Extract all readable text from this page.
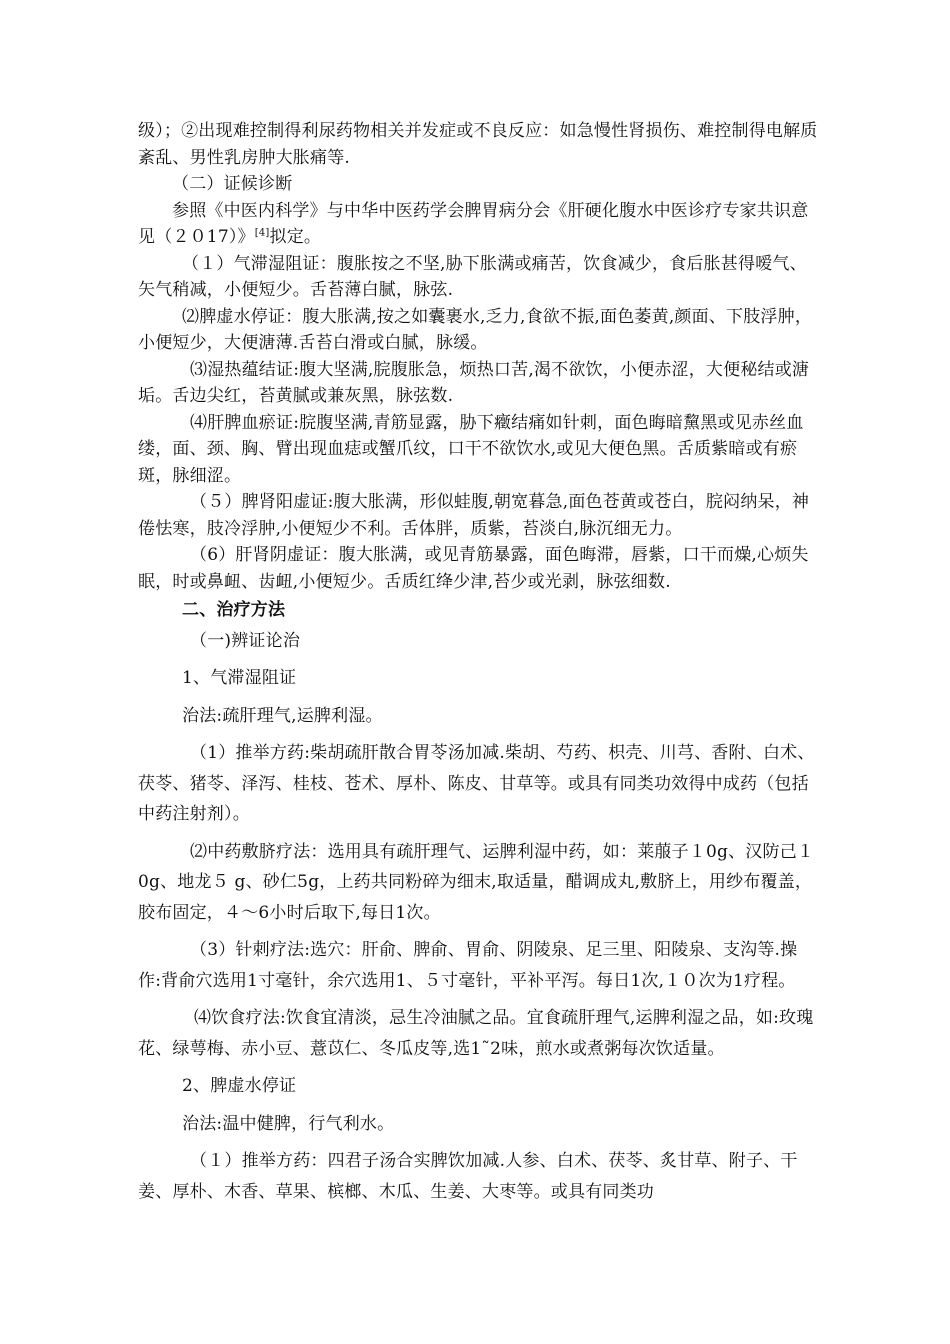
级）；②出现难控制得利尿药物相关并发症或不良反应：如急慢性肾损伤、难控制得电解质紊乱、男性乳房肿大胀痛等.

（二）证候诊断

参照《中医内科学》与中华中医药学会脾胃病分会《肝硬化腹水中医诊疗专家共识意见（２０17）》[4]拟定。

（１）气滞湿阻证：腹胀按之不坚,胁下胀满或痛苦，饮食减少，食后胀甚得嗳气、矢气稍减，小便短少。舌苔薄白腻，脉弦.

⑵脾虚水停证：腹大胀满,按之如囊裹水,乏力,食欲不振,面色萎黄,颜面、下肢浮肿，小便短少，大便溏薄.舌苔白滑或白腻，脉缓。

⑶湿热蕴结证:腹大坚满,脘腹胀急，烦热口苦,渴不欲饮，小便赤涩，大便秘结或溏垢。舌边尖红，苔黄腻或兼灰黑，脉弦数.

⑷肝脾血瘀证:脘腹坚满,青筋显露，胁下癥结痛如针刺，面色晦暗黧黑或见赤丝血缕，面、颈、胸、臂出现血痣或蟹爪纹，口干不欲饮水,或见大便色黑。舌质紫暗或有瘀斑，脉细涩。

（５）脾肾阳虚证:腹大胀满，形似蛙腹,朝宽暮急,面色苍黄或苍白，脘闷纳呆，神倦怯寒，肢冷浮肿,小便短少不利。舌体胖，质紫，苔淡白,脉沉细无力。

（6）肝肾阴虚证：腹大胀满，或见青筋暴露，面色晦滞，唇紫，口干而燥,心烦失眠，时或鼻衄、齿衄,小便短少。舌质红绛少津,苔少或光剥，脉弦细数.

二、治疗方法

（一)辨证论治

1、气滞湿阻证

治法:疏肝理气,运脾利湿。

（1）推举方药:柴胡疏肝散合胃苓汤加减.柴胡、芍药、枳壳、川芎、香附、白术、茯苓、猪苓、泽泻、桂枝、苍术、厚朴、陈皮、甘草等。或具有同类功效得中成药（包括中药注射剂）。

⑵中药敷脐疗法：选用具有疏肝理气、运脾利湿中药，如：莱菔子１0g、汉防己１0g、地龙５ g、砂仁5g，上药共同粉碎为细末,取适量，醋调成丸,敷脐上，用纱布覆盖，胶布固定，４～6小时后取下,每日1次。

（3）针刺疗法:选穴：肝俞、脾俞、胃俞、阴陵泉、足三里、阳陵泉、支沟等.操作:背俞穴选用1寸毫针，余穴选用1、５寸毫针，平补平泻。每日1次,１０次为1疗程。

⑷饮食疗法:饮食宜清淡，忌生冷油腻之品。宜食疏肝理气,运脾利湿之品，如:玫瑰花、绿萼梅、赤小豆、薏苡仁、冬瓜皮等,选1˜2味，煎水或煮粥每次饮适量。

2、脾虚水停证

治法:温中健脾，行气利水。

（１）推举方药：四君子汤合实脾饮加减.人参、白术、茯苓、炙甘草、附子、干姜、厚朴、木香、草果、槟榔、木瓜、生姜、大枣等。或具有同类功
